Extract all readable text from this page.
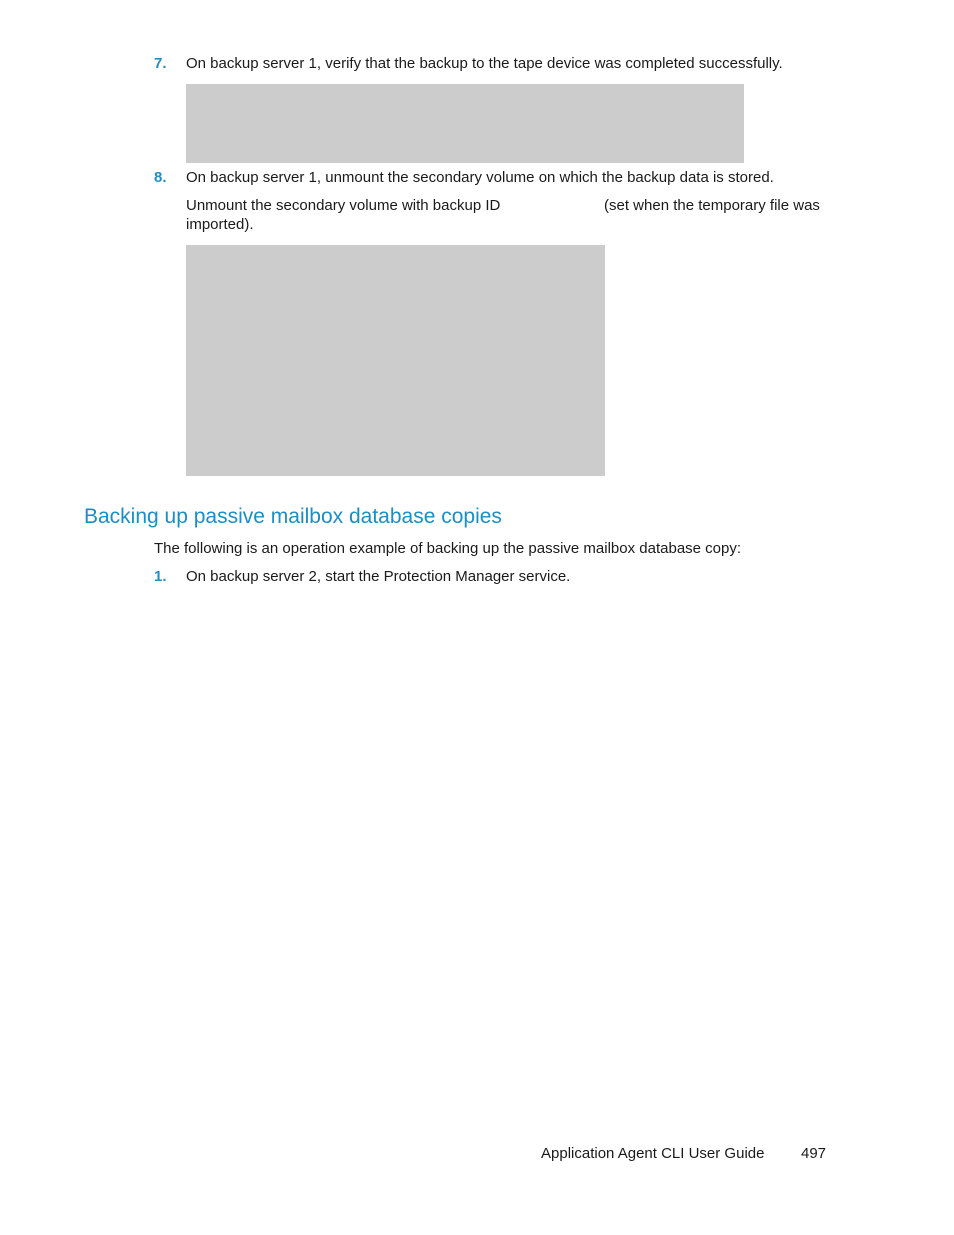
7. On backup server 1, verify that the backup to the tape device was completed successfully.
8. On backup server 1, unmount the secondary volume on which the backup data is stored.
Unmount the secondary volume with backup ID	(set when the temporary file was
imported).
Backing up passive mailbox database copies
The following is an operation example of backing up the passive mailbox database copy:
1. On backup server 2, start the Protection Manager service.
Application Agent CLI User Guide 497
